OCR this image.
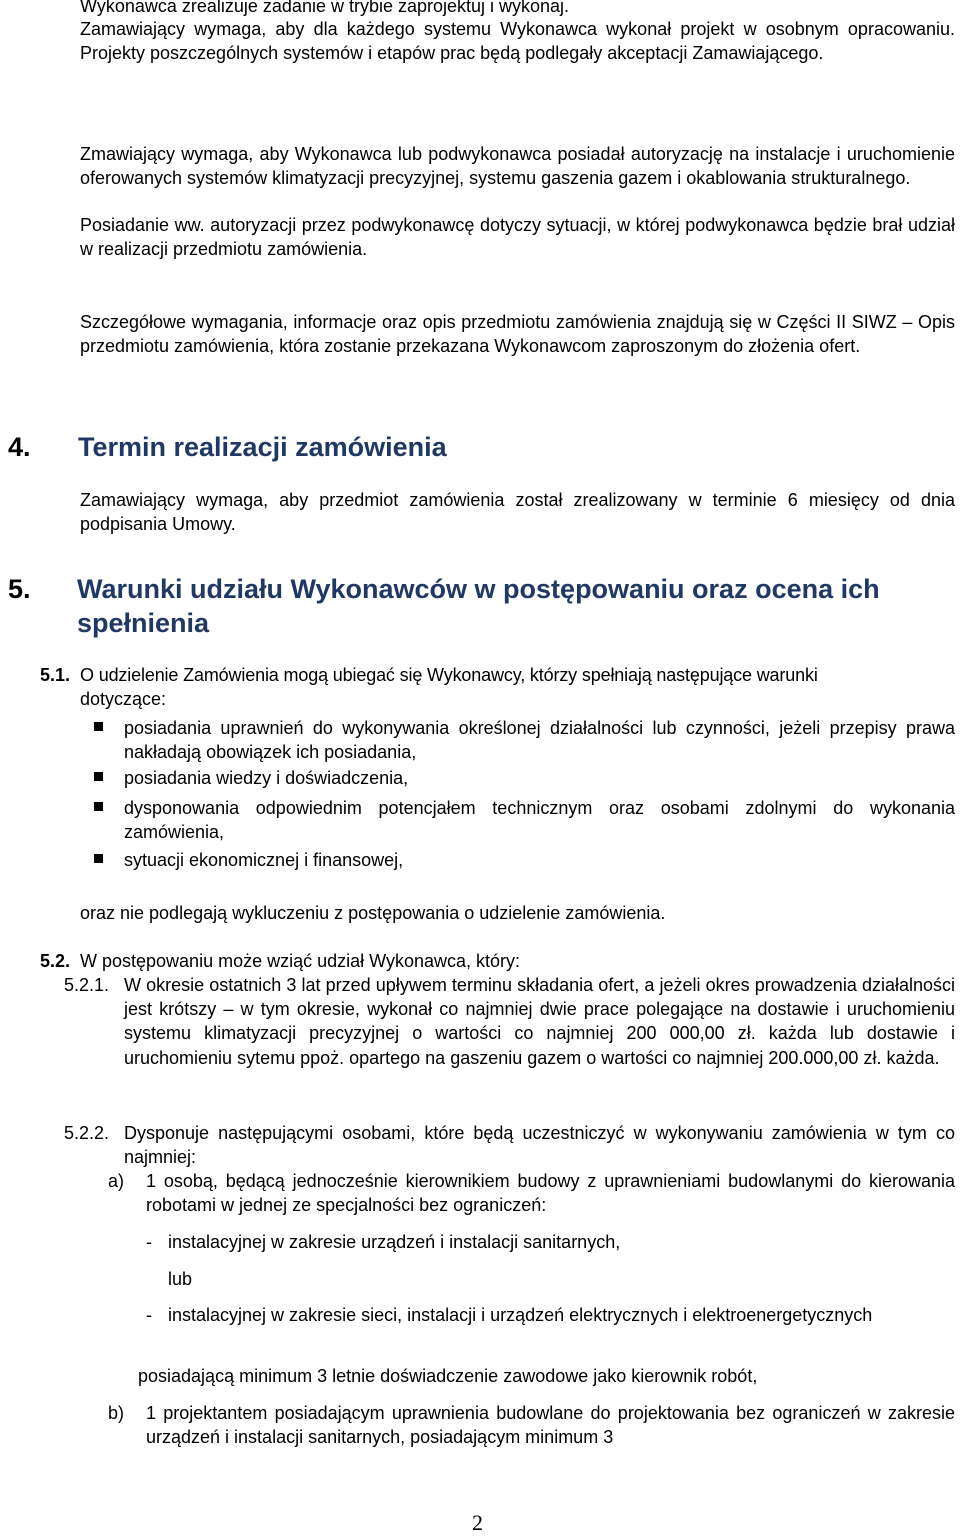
Wykonawca zrealizuje zadanie w trybie zaprojektuj i wykonaj.

Zamawiający wymaga, aby dla każdego systemu Wykonawca wykonał projekt w osobnym opracowaniu. Projekty poszczególnych systemów i etapów prac będą podlegały akceptacji Zamawiającego.

Zmawiający wymaga, aby Wykonawca lub podwykonawca posiadał autoryzację na instalacje i uruchomienie oferowanych systemów klimatyzacji precyzyjnej, systemu gaszenia gazem i okablowania strukturalnego.

Posiadanie ww. autoryzacji przez podwykonawcę dotyczy sytuacji, w której podwykonawca będzie brał udział w realizacji przedmiotu zamówienia.

Szczegółowe wymagania, informacje oraz opis przedmiotu zamówienia znajdują się w Części II SIWZ – Opis przedmiotu zamówienia, która zostanie przekazana Wykonawcom zaproszonym do złożenia ofert.

4. Termin realizacji zamówienia

Zamawiający wymaga, aby przedmiot zamówienia został zrealizowany w terminie 6 miesięcy od dnia podpisania Umowy.

5. Warunki udziału Wykonawców w postępowaniu oraz ocena ich
spełnienia
5.1. O udzielenie Zamówienia mogą ubiegać się Wykonawcy, którzy spełniają następujące warunki
dotyczące:

posiadania uprawnień do wykonywania określonej działalności lub czynności, jeżeli przepisy prawa nakładają obowiązek ich posiadania,

posiadania wiedzy i doświadczenia,

dysponowania odpowiednim potencjałem technicznym oraz osobami zdolnymi do wykonania zamówienia,

sytuacji ekonomicznej i finansowej,

oraz nie podlegają wykluczeniu z postępowania o udzielenie zamówienia.
5.2. W postępowaniu może wziąć udział Wykonawca, który:
5.2.1. W okresie ostatnich 3 lat przed upływem terminu składania ofert, a jeżeli okres prowadzenia działalności jest krótszy – w tym okresie, wykonał co najmniej dwie prace polegające na dostawie i uruchomieniu systemu klimatyzacji precyzyjnej o wartości co najmniej 200 000,00 zł. każda lub dostawie i uruchomieniu sytemu ppoż. opartego na gaszeniu gazem o wartości co najmniej 200.000,00 zł. każda.

5.2.2. Dysponuje następującymi osobami, które będą uczestniczyć w wykonywaniu zamówienia w tym co najmniej:

a) 1 osobą, będącą jednocześnie kierownikiem budowy z uprawnieniami budowlanymi do kierowania robotami w jednej ze specjalności bez ograniczeń:

- instalacyjnej w zakresie urządzeń i instalacji sanitarnych,
lub
- instalacyjnej w zakresie sieci, instalacji i urządzeń elektrycznych i elektroenergetycznych

posiadającą minimum 3 letnie doświadczenie zawodowe jako kierownik robót,
b) 1 projektantem posiadającym uprawnienia budowlane do projektowania bez ograniczeń w zakresie urządzeń i instalacji sanitarnych, posiadającym minimum 3

2
